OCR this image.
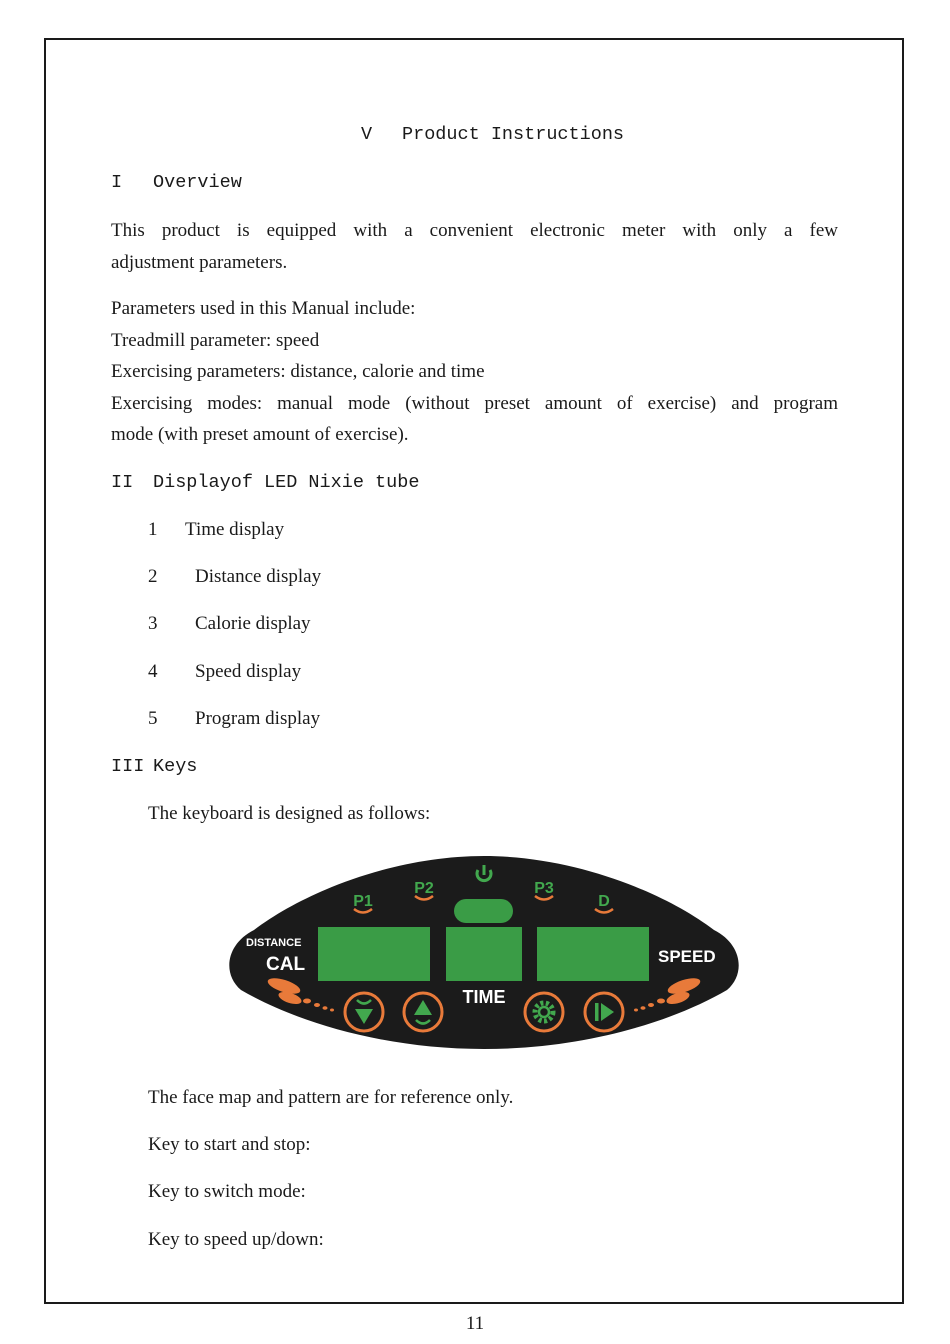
V Product Instructions
I Overview
This product is equipped with a convenient electronic meter with only a few
adjustment parameters.
Parameters used in this Manual include:
Treadmill parameter: speed
Exercising parameters: distance, calorie and time
Exercising modes: manual mode (without preset amount of exercise) and program
mode (with preset amount of exercise).
II Displayof LED Nixie tube
1 Time display
2 Distance display
3 Calorie display
4 Speed display
5 Program display
III Keys
The keyboard is designed as follows:
P1
P2	P3
D
DISTANCE
CAL	SPEED
TIME
The face map and pattern are for reference only.
Key to start and stop:
Key to switch mode:
Key to speed up/down:
11
